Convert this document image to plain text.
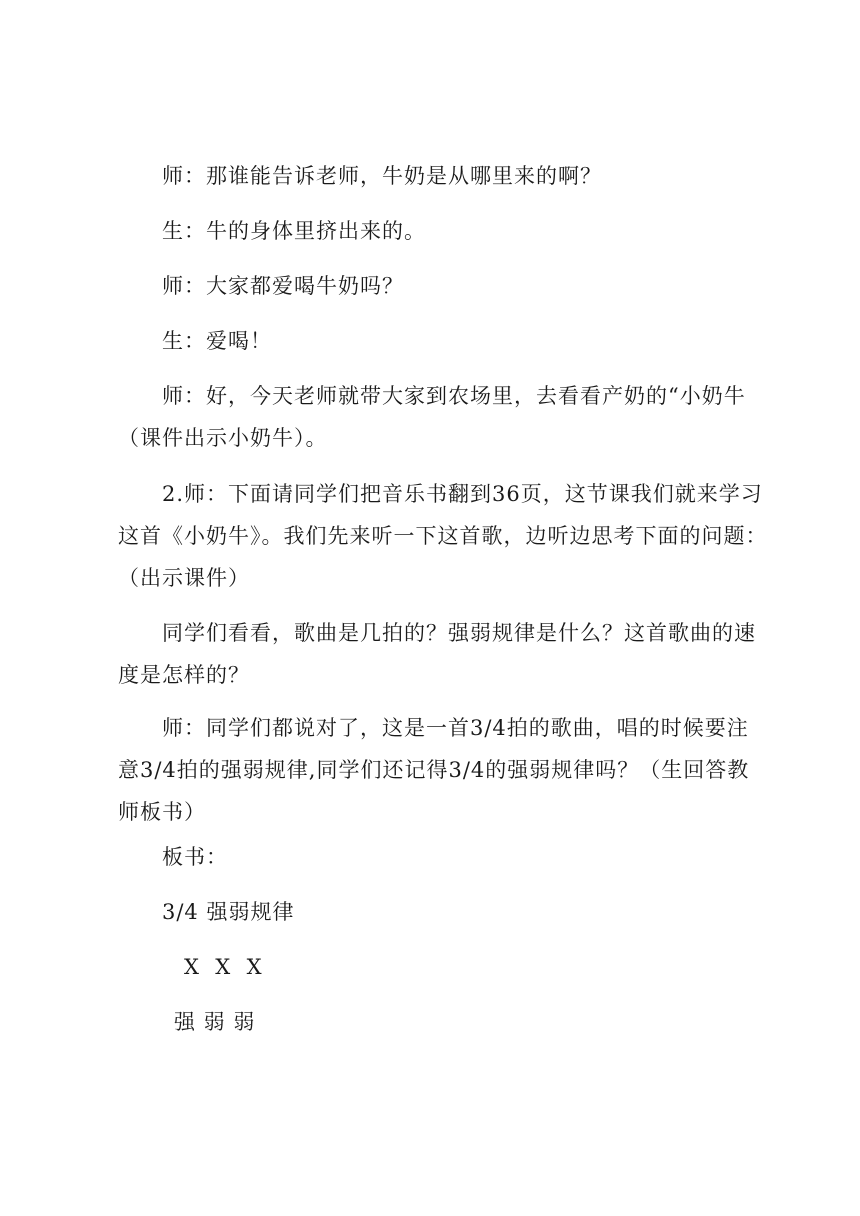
师：那谁能告诉老师，牛奶是从哪里来的啊？
生：牛的身体里挤出来的。
师：大家都爱喝牛奶吗？
生：爱喝！
师：好，今天老师就带大家到农场里，去看看产奶的“小奶牛（课件出示小奶牛）。
2.师：下面请同学们把音乐书翻到36页，这节课我们就来学习这首《小奶牛》。我们先来听一下这首歌，边听边思考下面的问题：（出示课件）
同学们看看，歌曲是几拍的？强弱规律是什么？这首歌曲的速度是怎样的？
师：同学们都说对了，这是一首3/4拍的歌曲，唱的时候要注意3/4拍的强弱规律,同学们还记得3/4的强弱规律吗？（生回答教师板书）
板书：
3/4 强弱规律
X  X  X
强 弱 弱
